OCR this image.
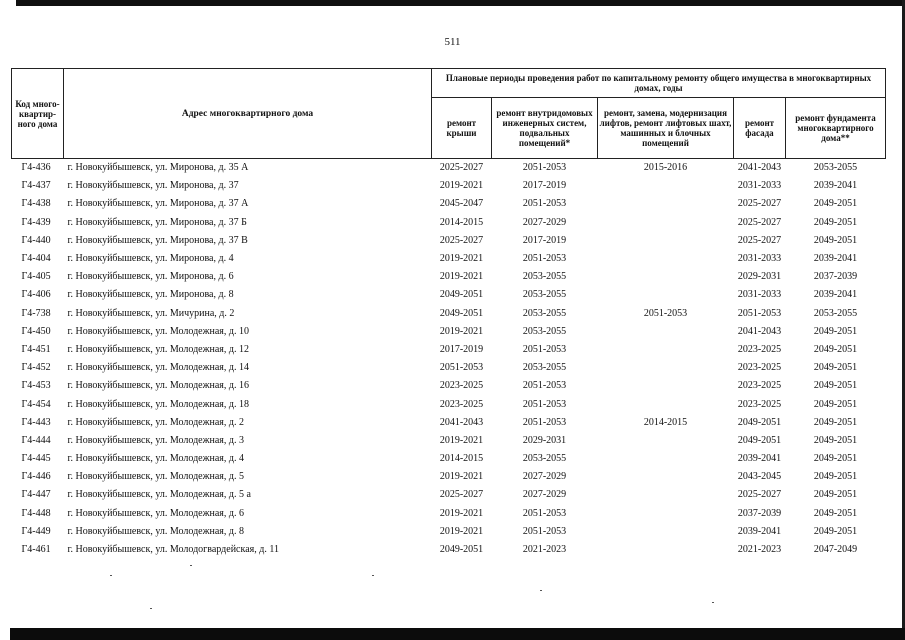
511
Код много-квартир-ного дома	Адрес многоквартирного дома	Плановые периоды проведения работ по капитальному ремонту общего имущества в многоквартирных домах, годы				
		ремонт крыши	ремонт внутридомовых инженерных систем, подвальных помещений*	ремонт, замена, модернизация лифтов, ремонт лифтовых шахт, машинных и блочных помещений	ремонт фасада	ремонт фундамента многоквартирного дома**
Г4-436	г. Новокуйбышевск, ул. Миронова, д. 35 А	2025-2027	2051-2053	2015-2016	2041-2043	2053-2055
Г4-437	г. Новокуйбышевск, ул. Миронова, д. 37	2019-2021	2017-2019		2031-2033	2039-2041
Г4-438	г. Новокуйбышевск, ул. Миронова, д. 37 А	2045-2047	2051-2053		2025-2027	2049-2051
Г4-439	г. Новокуйбышевск, ул. Миронова, д. 37 Б	2014-2015	2027-2029		2025-2027	2049-2051
Г4-440	г. Новокуйбышевск, ул. Миронова, д. 37 В	2025-2027	2017-2019		2025-2027	2049-2051
Г4-404	г. Новокуйбышевск, ул. Миронова, д. 4	2019-2021	2051-2053		2031-2033	2039-2041
Г4-405	г. Новокуйбышевск, ул. Миронова, д. 6	2019-2021	2053-2055		2029-2031	2037-2039
Г4-406	г. Новокуйбышевск, ул. Миронова, д. 8	2049-2051	2053-2055		2031-2033	2039-2041
Г4-738	г. Новокуйбышевск, ул. Мичурина, д. 2	2049-2051	2053-2055	2051-2053	2051-2053	2053-2055
Г4-450	г. Новокуйбышевск, ул. Молодежная, д. 10	2019-2021	2053-2055		2041-2043	2049-2051
Г4-451	г. Новокуйбышевск, ул. Молодежная, д. 12	2017-2019	2051-2053		2023-2025	2049-2051
Г4-452	г. Новокуйбышевск, ул. Молодежная, д. 14	2051-2053	2053-2055		2023-2025	2049-2051
Г4-453	г. Новокуйбышевск, ул. Молодежная, д. 16	2023-2025	2051-2053		2023-2025	2049-2051
Г4-454	г. Новокуйбышевск, ул. Молодежная, д. 18	2023-2025	2051-2053		2023-2025	2049-2051
Г4-443	г. Новокуйбышевск, ул. Молодежная, д. 2	2041-2043	2051-2053	2014-2015	2049-2051	2049-2051
Г4-444	г. Новокуйбышевск, ул. Молодежная, д. 3	2019-2021	2029-2031		2049-2051	2049-2051
Г4-445	г. Новокуйбышевск, ул. Молодежная, д. 4	2014-2015	2053-2055		2039-2041	2049-2051
Г4-446	г. Новокуйбышевск, ул. Молодежная, д. 5	2019-2021	2027-2029		2043-2045	2049-2051
Г4-447	г. Новокуйбышевск, ул. Молодежная, д. 5 а	2025-2027	2027-2029		2025-2027	2049-2051
Г4-448	г. Новокуйбышевск, ул. Молодежная, д. 6	2019-2021	2051-2053		2037-2039	2049-2051
Г4-449	г. Новокуйбышевск, ул. Молодежная, д. 8	2019-2021	2051-2053		2039-2041	2049-2051
Г4-461	г. Новокуйбышевск, ул. Молодогвардейская, д. 11	2049-2051	2021-2023		2021-2023	2047-2049
